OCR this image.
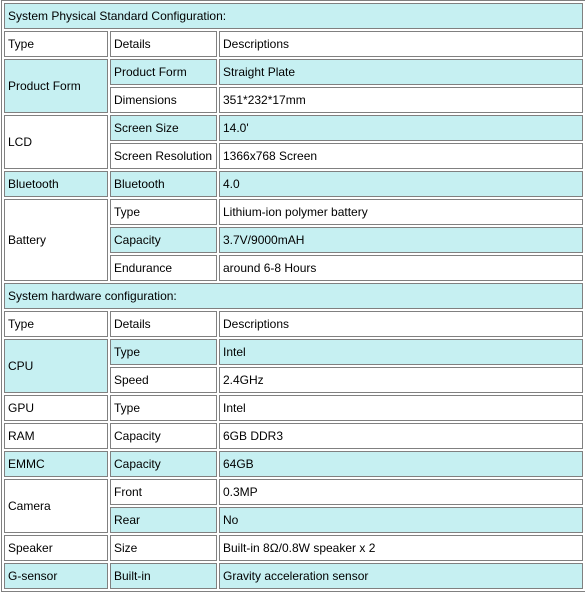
System Physical Standard Configuration:		
Type	Details	Descriptions
Product Form	Product Form	Straight Plate
	Dimensions	351*232*17mm
LCD	Screen Size	14.0'
	Screen Resolution	1366x768 Screen
Bluetooth	Bluetooth	4.0
Battery	Type	Lithium-ion polymer battery
	Capacity	3.7V/9000mAH
	Endurance	around 6-8 Hours
System hardware configuration:		
Type	Details	Descriptions
CPU	Type	Intel
	Speed	2.4GHz
GPU	Type	Intel
RAM	Capacity	6GB DDR3
EMMC	Capacity	64GB
Camera	Front	0.3MP
	Rear	No
Speaker	Size	Built-in 8Ω/0.8W speaker x 2
G-sensor	Built-in	Gravity acceleration sensor
